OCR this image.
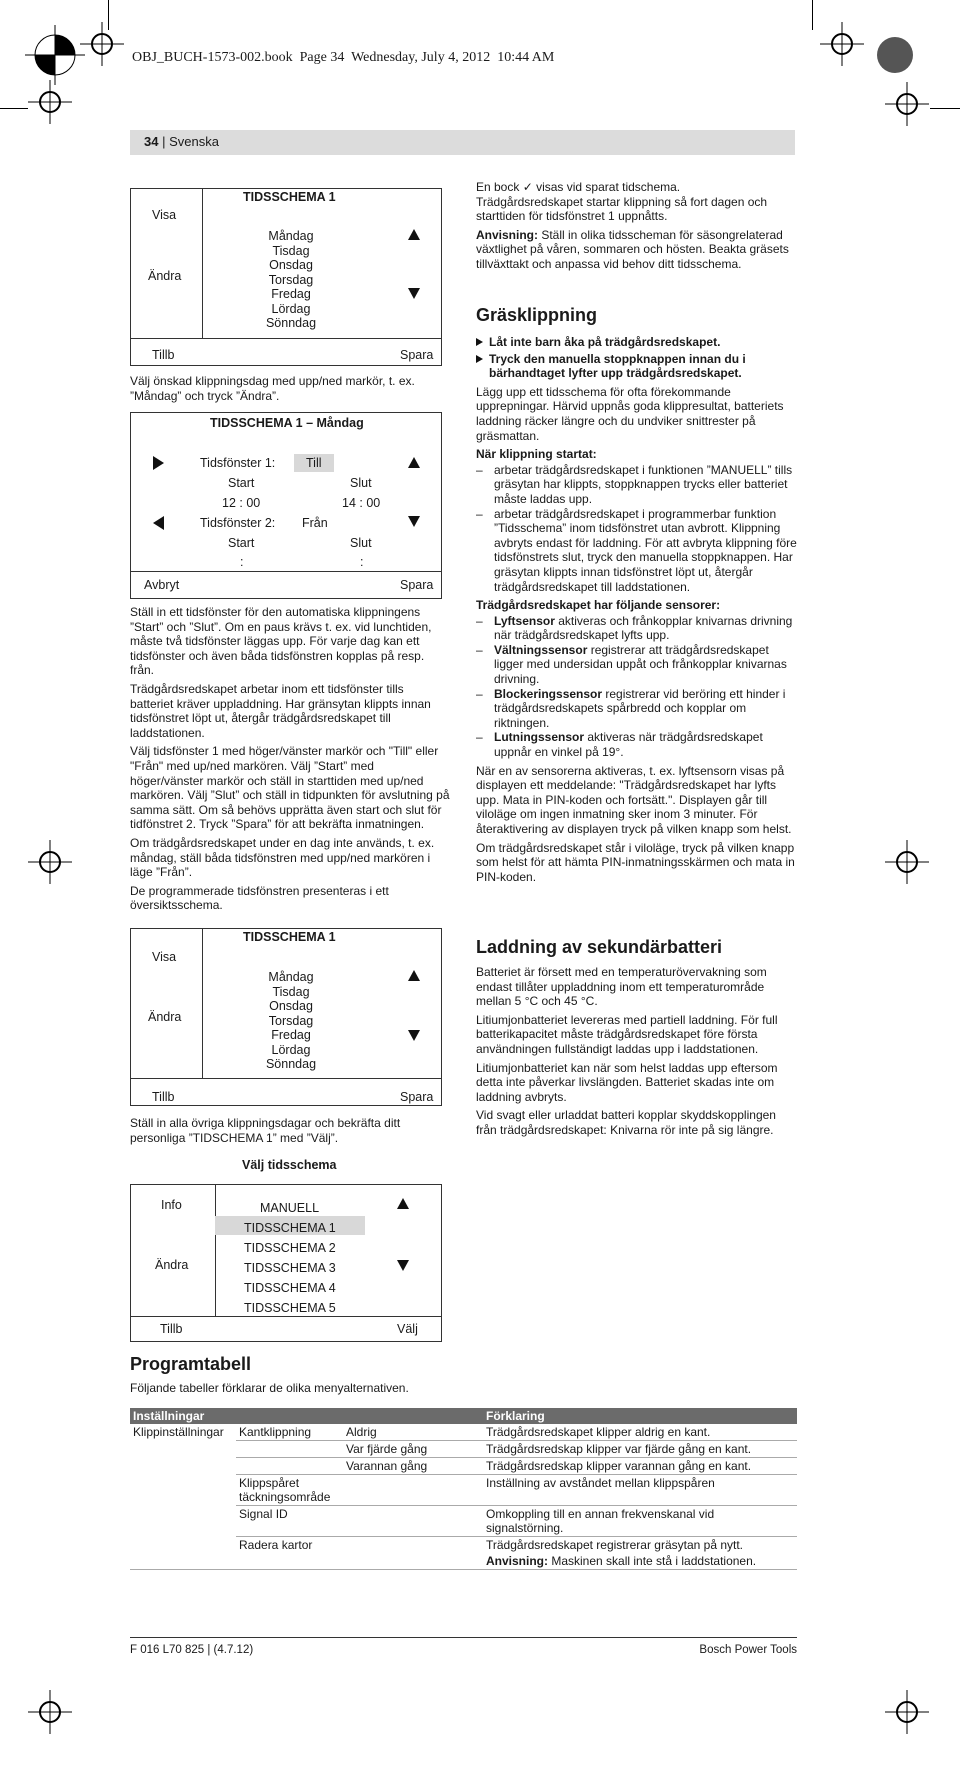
OBJ_BUCH-1573-002.book  Page 34  Wednesday, July 4, 2012  10:44 AM
34 | Svenska
TIDSSCHEMA 1
Visa
Ändra
Tillb	Spara
Måndag
Tisdag
Onsdag
Torsdag
Fredag
Lördag
Sönndag
Välj önskad klippningsdag med upp/ned markör, t. ex. ”Måndag” och tryck ”Ändra”.
TIDSSCHEMA 1 – Måndag
Tidsfönster 1: Till
Start	Slut
12 : 00	14 : 00
Tidsfönster 2: Från
Start	Slut
:	:
Avbryt	Spara

Ställ in ett tidsfönster för den automatiska klippningens ”Start” och ”Slut”. Om en paus krävs t. ex. vid lunchtiden, måste två tidsfönster läggas upp. För varje dag kan ett tidsfönster och även båda tidsfönstren kopplas på resp. från.

Trädgårdsredskapet arbetar inom ett tidsfönster tills batteriet kräver uppladdning. Har gränsytan klippts innan tidsfönstret löpt ut, återgår trädgårdsredskapet till laddstationen.

Välj tidsfönster 1 med höger/vänster markör och "Till" eller "Från" med up/ned markören. Välj ”Start” med höger/vänster markör och ställ in starttiden med up/ned markören. Välj ”Slut” och ställ in tidpunkten för avslutning på samma sätt. Om så behövs upprätta även start och slut för tidfönstret 2. Tryck ”Spara” för att bekräfta inmatningen.

Om trädgårdsredskapet under en dag inte används, t. ex. måndag, ställ båda tidsfönstren med upp/ned markören i läge ”Från”.

De programmerade tidsfönstren presenteras i ett översiktsschema.

TIDSSCHEMA 1
Visa
Ändra
Tillb	Spara
Måndag
Tisdag
Onsdag
Torsdag
Fredag
Lördag
Sönndag
Ställ in alla övriga klippningsdagar och bekräfta ditt personliga ”TIDSCHEMA 1” med ”Välj”.
Välj tidsschema
Info
Ändra
Tillb	Välj
MANUELL
TIDSSCHEMA 1
TIDSSCHEMA 2
TIDSSCHEMA 3
TIDSSCHEMA 4
TIDSSCHEMA 5

En bock ✓ visas vid sparat tidschema.

Trädgårdsredskapet startar klippning så fort dagen och starttiden för tidsfönstret 1 uppnåtts.

Anvisning: Ställ in olika tidsscheman för säsongrelaterad växtlighet på våren, sommaren och hösten. Beakta gräsets tillväxttakt och anpassa vid behov ditt tidsschema.

Gräsklippning

Låt inte barn åka på trädgårdsredskapet.

Tryck den manuella stoppknappen innan du i bärhandtaget lyfter upp trädgårdsredskapet.

Lägg upp ett tidsschema för ofta förekommande upprepningar. Härvid uppnås goda klippresultat, batteriets laddning räcker längre och du undviker snittrester på gräsmattan.

När klippning startat:

– arbetar trädgårdsredskapet i funktionen ”MANUELL” tills gräsytan har klippts, stoppknappen trycks eller batteriet måste laddas upp.
– arbetar trädgårdsredskapet i programmerbar funktion ”Tidsschema” inom tidsfönstret utan avbrott. Klippning avbryts endast för laddning. För att avbryta klippning före tidsfönstrets slut, tryck den manuella stoppknappen. Har gräsytan klippts innan tidsfönstret löpt ut, återgår trädgårdsredskapet till laddstationen.

Trädgårdsredskapet har följande sensorer:

– Lyftsensor aktiveras och frånkopplar knivarnas drivning när trädgårdsredskapet lyfts upp.
– Vältningssensor registrerar att trädgårdsredskapet ligger med undersidan uppåt och frånkopplar knivarnas drivning.
– Blockeringssensor registrerar vid beröring ett hinder i trädgårdsredskapets spårbredd och kopplar om riktningen.
– Lutningssensor aktiveras när trädgårdsredskapet uppnår en vinkel på 19°.

När en av sensorerna aktiveras, t. ex. lyftsensorn visas på displayen ett meddelande: "Trädgårdsredskapet har lyfts upp. Mata in PIN-koden och fortsätt.". Displayen går till viloläge om ingen inmatning sker inom 3 minuter. För återaktivering av displayen tryck på vilken knapp som helst.

Om trädgårdsredskapet står i viloläge, tryck på vilken knapp som helst för att hämta PIN-inmatningsskärmen och mata in PIN-koden.

Laddning av sekundärbatteri

Batteriet är försett med en temperaturövervakning som endast tillåter uppladdning inom ett temperaturområde mellan 5 °C och 45 °C.

Litiumjonbatteriet levereras med partiell laddning. För full batterikapacitet måste trädgårdsredskapet före första användningen fullständigt laddas upp i laddstationen.

Litiumjonbatteriet kan när som helst laddas upp eftersom detta inte påverkar livslängden. Batteriet skadas inte om laddning avbryts.

Vid svagt eller urladdat batteri kopplar skyddskopplingen från trädgårdsredskapet: Knivarna rör inte på sig längre.

Programtabell
Följande tabeller förklarar de olika menyalternativen.
Inställningar			Förklaring
Klippinställningar	Kantklippning	Aldrig	Trädgårdsredskapet klipper aldrig en kant.
		Var fjärde gång	Trädgårdsredskap klipper var fjärde gång en kant.
		Varannan gång	Trädgårdsredskap klipper varannan gång en kant.
	Klippspåret täckningsområde		Inställning av avståndet mellan klippspåren
	Signal ID		Omkoppling till en annan frekvenskanal vid signalstörning.
	Radera kartor		Trädgårdsredskapet registrerar gräsytan på nytt.
			Anvisning: Maskinen skall inte stå i laddstationen.
F 016 L70 825 | (4.7.12)	Bosch Power Tools
